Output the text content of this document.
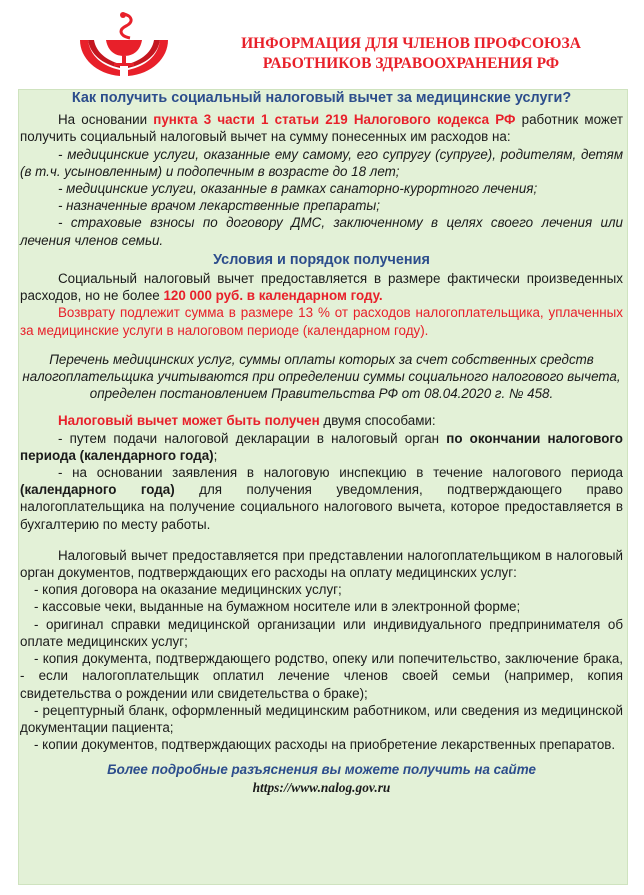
ИНФОРМАЦИЯ ДЛЯ ЧЛЕНОВ ПРОФСОЮЗА
РАБОТНИКОВ ЗДРАВООХРАНЕНИЯ РФ
Как получить социальный налоговый вычет за медицинские услуги?

На основании пункта 3 части 1 статьи 219 Налогового кодекса РФ работник может получить социальный налоговый вычет на сумму понесенных им расходов на:

- медицинские услуги, оказанные ему самому, его супругу (супруге), родителям, детям (в т.ч. усыновленным) и подопечным в возрасте до 18 лет;

- медицинские услуги, оказанные в рамках санаторно-курортного лечения;

- назначенные врачом лекарственные препараты;

- страховые взносы по договору ДМС, заключенному в целях своего лечения или лечения членов семьи.

Условия и порядок получения

Социальный налоговый вычет предоставляется в размере фактически произведенных расходов, но не более 120 000 руб. в календарном году.

Возврату подлежит сумма в размере 13 % от расходов налогоплательщика, уплаченных за медицинские услуги в налоговом периоде (календарном году).

Перечень медицинских услуг, суммы оплаты которых за счет собственных средств налогоплательщика учитываются при определении суммы социального налогового вычета, определен постановлением Правительства РФ от 08.04.2020 г. № 458.

Налоговый вычет может быть получен двумя способами:

- путем подачи налоговой декларации в налоговый орган по окончании налогового периода (календарного года);

- на основании заявления в налоговую инспекцию в течение налогового периода (календарного года) для получения уведомления, подтверждающего право налогоплательщика на получение социального налогового вычета, которое предоставляется в бухгалтерию по месту работы.

Налоговый вычет предоставляется при представлении налогоплательщиком в налоговый орган документов, подтверждающих его расходы на оплату медицинских услуг:

- копия договора на оказание медицинских услуг;

- кассовые чеки, выданные на бумажном носителе или в электронной форме;

- оригинал справки медицинской организации или индивидуального предпринимателя об оплате медицинских услуг;

- копия документа, подтверждающего родство, опеку или попечительство, заключение брака, - если налогоплательщик оплатил лечение членов своей семьи (например, копия свидетельства о рождении или свидетельства о браке);

- рецептурный бланк, оформленный медицинским работником, или сведения из медицинской документации пациента;

- копии документов, подтверждающих расходы на приобретение лекарственных препаратов.

Более подробные разъяснения вы можете получить на сайте
https://www.nalog.gov.ru
